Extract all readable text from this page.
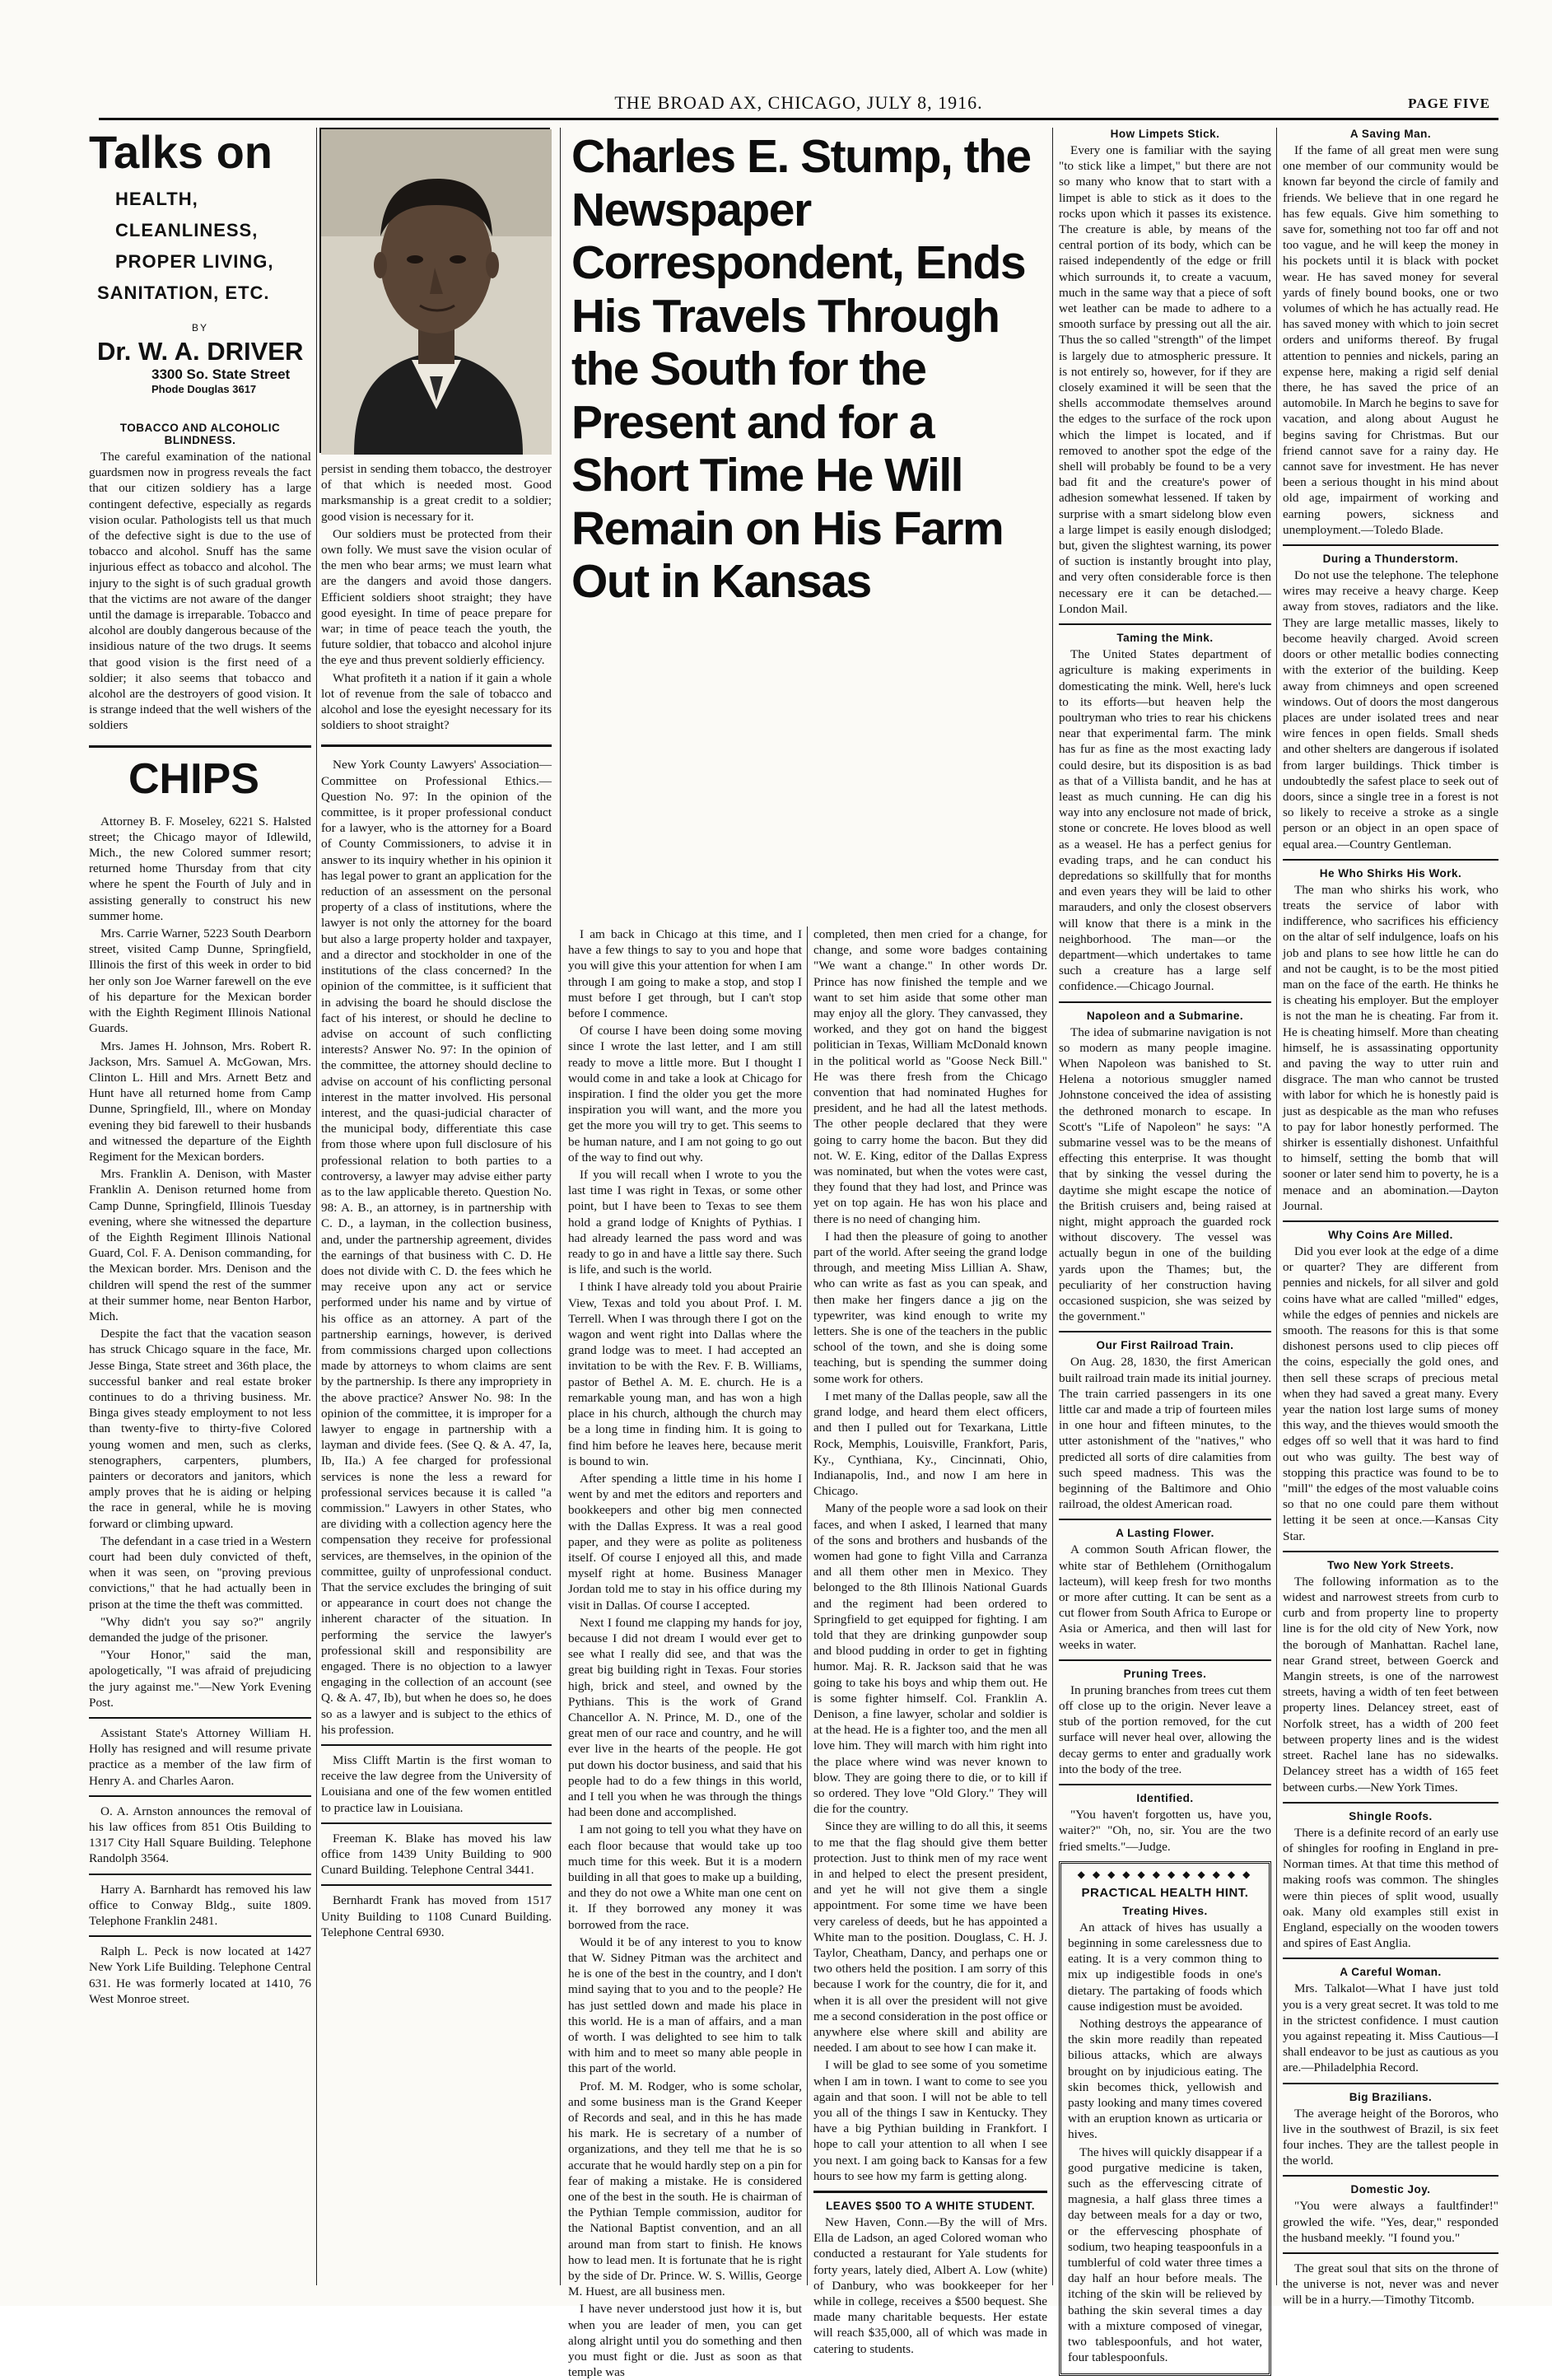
THE BROAD AX, CHICAGO, JULY 8, 1916.	PAGE FIVE
Talks on
HEALTH,
CLEANLINESS,
PROPER LIVING,
SANITATION, ETC.
BY
Dr. W. A. DRIVER
3300 So. State Street
Phode Douglas 3617
TOBACCO AND ALCOHOLIC BLINDNESS.

The careful examination of the national guardsmen now in progress reveals the fact that our citizen soldiery has a large contingent defective, especially as regards vision ocular. Pathologists tell us that much of the defective sight is due to the use of tobacco and alcohol. Snuff has the same injurious effect as tobacco and alcohol. The injury to the sight is of such gradual growth that the victims are not aware of the danger until the damage is irreparable. Tobacco and alcohol are doubly dangerous because of the insidious nature of the two drugs. It seems that good vision is the first need of a soldier; it also seems that tobacco and alcohol are the destroyers of good vision. It is strange indeed that the well wishers of the soldiers

CHIPS

Attorney B. F. Moseley, 6221 S. Halsted street; the Chicago mayor of Idlewild, Mich., the new Colored summer resort; returned home Thursday from that city where he spent the Fourth of July and in assisting generally to construct his new summer home.

Mrs. Carrie Warner, 5223 South Dearborn street, visited Camp Dunne, Springfield, Illinois the first of this week in order to bid her only son Joe Warner farewell on the eve of his departure for the Mexican border with the Eighth Regiment Illinois National Guards.

Mrs. James H. Johnson, Mrs. Robert R. Jackson, Mrs. Samuel A. McGowan, Mrs. Clinton L. Hill and Mrs. Arnett Betz and Hunt have all returned home from Camp Dunne, Springfield, Ill., where on Monday evening they bid farewell to their husbands and witnessed the departure of the Eighth Regiment for the Mexican borders.

Mrs. Franklin A. Denison, with Master Franklin A. Denison returned home from Camp Dunne, Springfield, Illinois Tuesday evening, where she witnessed the departure of the Eighth Regiment Illinois National Guard, Col. F. A. Denison commanding, for the Mexican border. Mrs. Denison and the children will spend the rest of the summer at their summer home, near Benton Harbor, Mich.

Despite the fact that the vacation season has struck Chicago square in the face, Mr. Jesse Binga, State street and 36th place, the successful banker and real estate broker continues to do a thriving business. Mr. Binga gives steady employment to not less than twenty-five to thirty-five Colored young women and men, such as clerks, stenographers, carpenters, plumbers, painters or decorators and janitors, which amply proves that he is aiding or helping the race in general, while he is moving forward or climbing upward.

The defendant in a case tried in a Western court had been duly convicted of theft, when it was seen, on "proving previous convictions," that he had actually been in prison at the time the theft was committed.

"Why didn't you say so?" angrily demanded the judge of the prisoner.

"Your Honor," said the man, apologetically, "I was afraid of prejudicing the jury against me."—New York Evening Post.

Assistant State's Attorney William H. Holly has resigned and will resume private practice as a member of the law firm of Henry A. and Charles Aaron.

O. A. Arnston announces the removal of his law offices from 851 Otis Building to 1317 City Hall Square Building. Telephone Randolph 3564.

Harry A. Barnhardt has removed his law office to Conway Bldg., suite 1809. Telephone Franklin 2481.

Ralph L. Peck is now located at 1427 New York Life Building. Telephone Central 631. He was formerly located at 1410, 76 West Monroe street.

persist in sending them tobacco, the destroyer of that which is needed most. Good marksmanship is a great credit to a soldier; good vision is necessary for it.

Our soldiers must be protected from their own folly. We must save the vision ocular of the men who bear arms; we must learn what are the dangers and avoid those dangers. Efficient soldiers shoot straight; they have good eyesight. In time of peace prepare for war; in time of peace teach the youth, the future soldier, that tobacco and alcohol injure the eye and thus prevent soldierly efficiency.

What profiteth it a nation if it gain a whole lot of revenue from the sale of tobacco and alcohol and lose the eyesight necessary for its soldiers to shoot straight?

New York County Lawyers' Association—Committee on Professional Ethics.—Question No. 97: In the opinion of the committee, is it proper professional conduct for a lawyer, who is the attorney for a Board of County Commissioners, to advise it in answer to its inquiry whether in his opinion it has legal power to grant an application for the reduction of an assessment on the personal property of a class of institutions, where the lawyer is not only the attorney for the board but also a large property holder and taxpayer, and a director and stockholder in one of the institutions of the class concerned? In the opinion of the committee, is it sufficient that in advising the board he should disclose the fact of his interest, or should he decline to advise on account of such conflicting interests? Answer No. 97: In the opinion of the committee, the attorney should decline to advise on account of his conflicting personal interest in the matter involved. His personal interest, and the quasi-judicial character of the municipal body, differentiate this case from those where upon full disclosure of his professional relation to both parties to a controversy, a lawyer may advise either party as to the law applicable thereto. Question No. 98: A. B., an attorney, is in partnership with C. D., a layman, in the collection business, and, under the partnership agreement, divides the earnings of that business with C. D. He does not divide with C. D. the fees which he may receive upon any act or service performed under his name and by virtue of his office as an attorney. A part of the partnership earnings, however, is derived from commissions charged upon collections made by attorneys to whom claims are sent by the partnership. Is there any impropriety in the above practice? Answer No. 98: In the opinion of the committee, it is improper for a lawyer to engage in partnership with a layman and divide fees. (See Q. & A. 47, Ia, Ib, IIa.) A fee charged for professional services is none the less a reward for professional services because it is called "a commission." Lawyers in other States, who are dividing with a collection agency here the compensation they receive for professional services, are themselves, in the opinion of the committee, guilty of unprofessional conduct. That the service excludes the bringing of suit or appearance in court does not change the inherent character of the situation. In performing the service the lawyer's professional skill and responsibility are engaged. There is no objection to a lawyer engaging in the collection of an account (see Q. & A. 47, Ib), but when he does so, he does so as a lawyer and is subject to the ethics of his profession.

Miss Clifft Martin is the first woman to receive the law degree from the University of Louisiana and one of the few women entitled to practice law in Louisiana.

Freeman K. Blake has moved his law office from 1439 Unity Building to 900 Cunard Building. Telephone Central 3441.

Bernhardt Frank has moved from 1517 Unity Building to 1108 Cunard Building. Telephone Central 6930.

Charles E. Stump, the Newspaper Correspondent, Ends His Travels Through the South for the Present and for a Short Time He Will Remain on His Farm Out in Kansas

I am back in Chicago at this time, and I have a few things to say to you and hope that you will give this your attention for when I am through I am going to make a stop, and stop I must before I get through, but I can't stop before I commence.

Of course I have been doing some moving since I wrote the last letter, and I am still ready to move a little more. But I thought I would come in and take a look at Chicago for inspiration. I find the older you get the more inspiration you will want, and the more you get the more you will try to get. This seems to be human nature, and I am not going to go out of the way to find out why.

If you will recall when I wrote to you the last time I was right in Texas, or some other point, but I have been to Texas to see them hold a grand lodge of Knights of Pythias. I had already learned the pass word and was ready to go in and have a little say there. Such is life, and such is the world.

I think I have already told you about Prairie View, Texas and told you about Prof. I. M. Terrell. When I was through there I got on the wagon and went right into Dallas where the grand lodge was to meet. I had accepted an invitation to be with the Rev. F. B. Williams, pastor of Bethel A. M. E. church. He is a remarkable young man, and has won a high place in his church, although the church may be a long time in finding him. It is going to find him before he leaves here, because merit is bound to win.

After spending a little time in his home I went by and met the editors and reporters and bookkeepers and other big men connected with the Dallas Express. It was a real good paper, and they were as polite as politeness itself. Of course I enjoyed all this, and made myself right at home. Business Manager Jordan told me to stay in his office during my visit in Dallas. Of course I accepted.

Next I found me clapping my hands for joy, because I did not dream I would ever get to see what I really did see, and that was the great big building right in Texas. Four stories high, brick and steel, and owned by the Pythians. This is the work of Grand Chancellor A. N. Prince, M. D., one of the great men of our race and country, and he will ever live in the hearts of the people. He got put down his doctor business, and said that his people had to do a few things in this world, and I tell you when he was through the things had been done and accomplished.

I am not going to tell you what they have on each floor because that would take up too much time for this week. But it is a modern building in all that goes to make up a building, and they do not owe a White man one cent on it. If they borrowed any money it was borrowed from the race.

Would it be of any interest to you to know that W. Sidney Pitman was the architect and he is one of the best in the country, and I don't mind saying that to you and to the people? He has just settled down and made his place in this world. He is a man of affairs, and a man of worth. I was delighted to see him to talk with him and to meet so many able people in this part of the world.

Prof. M. M. Rodger, who is some scholar, and some business man is the Grand Keeper of Records and seal, and in this he has made his mark. He is secretary of a number of organizations, and they tell me that he is so accurate that he would hardly step on a pin for fear of making a mistake. He is considered one of the best in the south. He is chairman of the Pythian Temple commission, auditor for the National Baptist convention, and an all around man from start to finish. He knows how to lead men. It is fortunate that he is right by the side of Dr. Prince. W. S. Willis, George M. Huest, are all business men.

I have never understood just how it is, but when you are leader of men, you can get along alright until you do something and then you must fight or die. Just as soon as that temple was

completed, then men cried for a change, for change, and some wore badges containing "We want a change." In other words Dr. Prince has now finished the temple and we want to set him aside that some other man may enjoy all the glory. They canvassed, they worked, and they got on hand the biggest politician in Texas, William McDonald known in the political world as "Goose Neck Bill." He was there fresh from the Chicago convention that had nominated Hughes for president, and he had all the latest methods. The other people declared that they were going to carry home the bacon. But they did not. W. E. King, editor of the Dallas Express was nominated, but when the votes were cast, they found that they had lost, and Prince was yet on top again. He has won his place and there is no need of changing him.

I had then the pleasure of going to another part of the world. After seeing the grand lodge through, and meeting Miss Lillian A. Shaw, who can write as fast as you can speak, and then make her fingers dance a jig on the typewriter, was kind enough to write my letters. She is one of the teachers in the public school of the town, and she is doing some teaching, but is spending the summer doing some work for others.

I met many of the Dallas people, saw all the grand lodge, and heard them elect officers, and then I pulled out for Texarkana, Little Rock, Memphis, Louisville, Frankfort, Paris, Ky., Cynthiana, Ky., Cincinnati, Ohio, Indianapolis, Ind., and now I am here in Chicago.

Many of the people wore a sad look on their faces, and when I asked, I learned that many of the sons and brothers and husbands of the women had gone to fight Villa and Carranza and all them other men in Mexico. They belonged to the 8th Illinois National Guards and the regiment had been ordered to Springfield to get equipped for fighting. I am told that they are drinking gunpowder soup and blood pudding in order to get in fighting humor. Maj. R. R. Jackson said that he was going to take his boys and whip them out. He is some fighter himself. Col. Franklin A. Denison, a fine lawyer, scholar and soldier is at the head. He is a fighter too, and the men all love him. They will march with him right into the place where wind was never known to blow. They are going there to die, or to kill if so ordered. They love "Old Glory." They will die for the country.

Since they are willing to do all this, it seems to me that the flag should give them better protection. Just to think men of my race went in and helped to elect the present president, and yet he will not give them a single appointment. For some time we have been very careless of deeds, but he has appointed a White man to the position. Douglass, C. H. J. Taylor, Cheatham, Dancy, and perhaps one or two others held the position. I am sorry of this because I work for the country, die for it, and when it is all over the president will not give me a second consideration in the post office or anywhere else where skill and ability are needed. I am about to see how I can make it.

I will be glad to see some of you sometime when I am in town. I want to come to see you again and that soon. I will not be able to tell you all of the things I saw in Kentucky. They have a big Pythian building in Frankfort. I hope to call your attention to all when I see you next. I am going back to Kansas for a few hours to see how my farm is getting along.

LEAVES $500 TO A WHITE STUDENT.

New Haven, Conn.—By the will of Mrs. Ella de Ladson, an aged Colored woman who conducted a restaurant for Yale students for forty years, lately died, Albert A. Low (white) of Danbury, who was bookkeeper for her while in college, receives a $500 bequest. She made many charitable bequests. Her estate will reach $35,000, all of which was made in catering to students.

How Limpets Stick.

Every one is familiar with the saying "to stick like a limpet," but there are not so many who know that to start with a limpet is able to stick as it does to the rocks upon which it passes its existence. The creature is able, by means of the central portion of its body, which can be raised independently of the edge or frill which surrounds it, to create a vacuum, much in the same way that a piece of soft wet leather can be made to adhere to a smooth surface by pressing out all the air. Thus the so called "strength" of the limpet is largely due to atmospheric pressure. It is not entirely so, however, for if they are closely examined it will be seen that the shells accommodate themselves around the edges to the surface of the rock upon which the limpet is located, and if removed to another spot the edge of the shell will probably be found to be a very bad fit and the creature's power of adhesion somewhat lessened. If taken by surprise with a smart sidelong blow even a large limpet is easily enough dislodged; but, given the slightest warning, its power of suction is instantly brought into play, and very often considerable force is then necessary ere it can be detached.—London Mail.

Taming the Mink.

The United States department of agriculture is making experiments in domesticating the mink. Well, here's luck to its efforts—but heaven help the poultryman who tries to rear his chickens near that experimental farm. The mink has fur as fine as the most exacting lady could desire, but its disposition is as bad as that of a Villista bandit, and he has at least as much cunning. He can dig his way into any enclosure not made of brick, stone or concrete. He loves blood as well as a weasel. He has a perfect genius for evading traps, and he can conduct his depredations so skillfully that for months and even years they will be laid to other marauders, and only the closest observers will know that there is a mink in the neighborhood. The man—or the department—which undertakes to tame such a creature has a large self confidence.—Chicago Journal.

Napoleon and a Submarine.

The idea of submarine navigation is not so modern as many people imagine. When Napoleon was banished to St. Helena a notorious smuggler named Johnstone conceived the idea of assisting the dethroned monarch to escape. In Scott's "Life of Napoleon" he says: "A submarine vessel was to be the means of effecting this enterprise. It was thought that by sinking the vessel during the daytime she might escape the notice of the British cruisers and, being raised at night, might approach the guarded rock without discovery. The vessel was actually begun in one of the building yards upon the Thames; but, the peculiarity of her construction having occasioned suspicion, she was seized by the government."

Our First Railroad Train.

On Aug. 28, 1830, the first American built railroad train made its initial journey. The train carried passengers in its one little car and made a trip of fourteen miles in one hour and fifteen minutes, to the utter astonishment of the "natives," who predicted all sorts of dire calamities from such speed madness. This was the beginning of the Baltimore and Ohio railroad, the oldest American road.

A Lasting Flower.

A common South African flower, the white star of Bethlehem (Ornithogalum lacteum), will keep fresh for two months or more after cutting. It can be sent as a cut flower from South Africa to Europe or Asia or America, and then will last for weeks in water.

Pruning Trees.

In pruning branches from trees cut them off close up to the origin. Never leave a stub of the portion removed, for the cut surface will never heal over, allowing the decay germs to enter and gradually work into the body of the tree.

Identified.

"You haven't forgotten us, have you, waiter?" "Oh, no, sir. You are the two fried smelts."—Judge.

◆ ◆ ◆ ◆ ◆ ◆ ◆ ◆ ◆ ◆ ◆ ◆
PRACTICAL HEALTH HINT.
Treating Hives.

An attack of hives has usually a beginning in some carelessness due to eating. It is a very common thing to mix up indigestible foods in one's dietary. The partaking of foods which cause indigestion must be avoided.

Nothing destroys the appearance of the skin more readily than repeated bilious attacks, which are always brought on by injudicious eating. The skin becomes thick, yellowish and pasty looking and many times covered with an eruption known as urticaria or hives.

The hives will quickly disappear if a good purgative medicine is taken, such as the effervescing citrate of magnesia, a half glass three times a day between meals for a day or two, or the effervescing phosphate of sodium, two heaping teaspoonfuls in a tumblerful of cold water three times a day half an hour before meals. The itching of the skin will be relieved by bathing the skin several times a day with a mixture composed of vinegar, two tablespoonfuls, and hot water, four tablespoonfuls.

A Saving Man.

If the fame of all great men were sung one member of our community would be known far beyond the circle of family and friends. We believe that in one regard he has few equals. Give him something to save for, something not too far off and not too vague, and he will keep the money in his pockets until it is black with pocket wear. He has saved money for several yards of finely bound books, one or two volumes of which he has actually read. He has saved money with which to join secret orders and uniforms thereof. By frugal attention to pennies and nickels, paring an expense here, making a rigid self denial there, he has saved the price of an automobile. In March he begins to save for vacation, and along about August he begins saving for Christmas. But our friend cannot save for a rainy day. He cannot save for investment. He has never been a serious thought in his mind about old age, impairment of working and earning powers, sickness and unemployment.—Toledo Blade.

During a Thunderstorm.

Do not use the telephone. The telephone wires may receive a heavy charge. Keep away from stoves, radiators and the like. They are large metallic masses, likely to become heavily charged. Avoid screen doors or other metallic bodies connecting with the exterior of the building. Keep away from chimneys and open screened windows. Out of doors the most dangerous places are under isolated trees and near wire fences in open fields. Small sheds and other shelters are dangerous if isolated from larger buildings. Thick timber is undoubtedly the safest place to seek out of doors, since a single tree in a forest is not so likely to receive a stroke as a single person or an object in an open space of equal area.—Country Gentleman.

He Who Shirks His Work.

The man who shirks his work, who treats the service of labor with indifference, who sacrifices his efficiency on the altar of self indulgence, loafs on his job and plans to see how little he can do and not be caught, is to be the most pitied man on the face of the earth. He thinks he is cheating his employer. But the employer is not the man he is cheating. Far from it. He is cheating himself. More than cheating himself, he is assassinating opportunity and paving the way to utter ruin and disgrace. The man who cannot be trusted with labor for which he is honestly paid is just as despicable as the man who refuses to pay for labor honestly performed. The shirker is essentially dishonest. Unfaithful to himself, setting the bomb that will sooner or later send him to poverty, he is a menace and an abomination.—Dayton Journal.

Why Coins Are Milled.

Did you ever look at the edge of a dime or quarter? They are different from pennies and nickels, for all silver and gold coins have what are called "milled" edges, while the edges of pennies and nickels are smooth. The reasons for this is that some dishonest persons used to clip pieces off the coins, especially the gold ones, and then sell these scraps of precious metal when they had saved a great many. Every year the nation lost large sums of money this way, and the thieves would smooth the edges off so well that it was hard to find out who was guilty. The best way of stopping this practice was found to be to "mill" the edges of the most valuable coins so that no one could pare them without letting it be seen at once.—Kansas City Star.

Two New York Streets.

The following information as to the widest and narrowest streets from curb to curb and from property line to property line is for the old city of New York, now the borough of Manhattan. Rachel lane, near Grand street, between Goerck and Mangin streets, is one of the narrowest streets, having a width of ten feet between property lines. Delancey street, east of Norfolk street, has a width of 200 feet between property lines and is the widest street. Rachel lane has no sidewalks. Delancey street has a width of 165 feet between curbs.—New York Times.

Shingle Roofs.

There is a definite record of an early use of shingles for roofing in England in pre-Norman times. At that time this method of making roofs was common. The shingles were thin pieces of split wood, usually oak. Many old examples still exist in England, especially on the wooden towers and spires of East Anglia.

A Careful Woman.

Mrs. Talkalot—What I have just told you is a very great secret. It was told to me in the strictest confidence. I must caution you against repeating it. Miss Cautious—I shall endeavor to be just as cautious as you are.—Philadelphia Record.

Big Brazilians.

The average height of the Bororos, who live in the southwest of Brazil, is six feet four inches. They are the tallest people in the world.

Domestic Joy.

"You were always a faultfinder!" growled the wife. "Yes, dear," responded the husband meekly. "I found you."

The great soul that sits on the throne of the universe is not, never was and never will be in a hurry.—Timothy Titcomb.
